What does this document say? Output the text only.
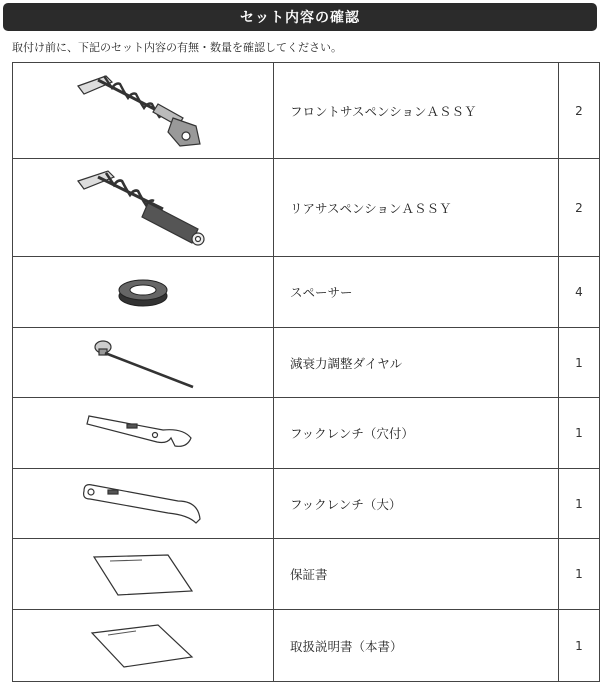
セット内容の確認
取付け前に、下記のセット内容の有無・数量を確認してください。
	フロントサスペンションＡＳＳＹ	2

	リアサスペンションＡＳＳＹ	2

	スペーサー	4

	減衰力調整ダイヤル	1

	フックレンチ（穴付）	1

	フックレンチ（大）	1

	保証書	1

	取扱説明書（本書）	1
